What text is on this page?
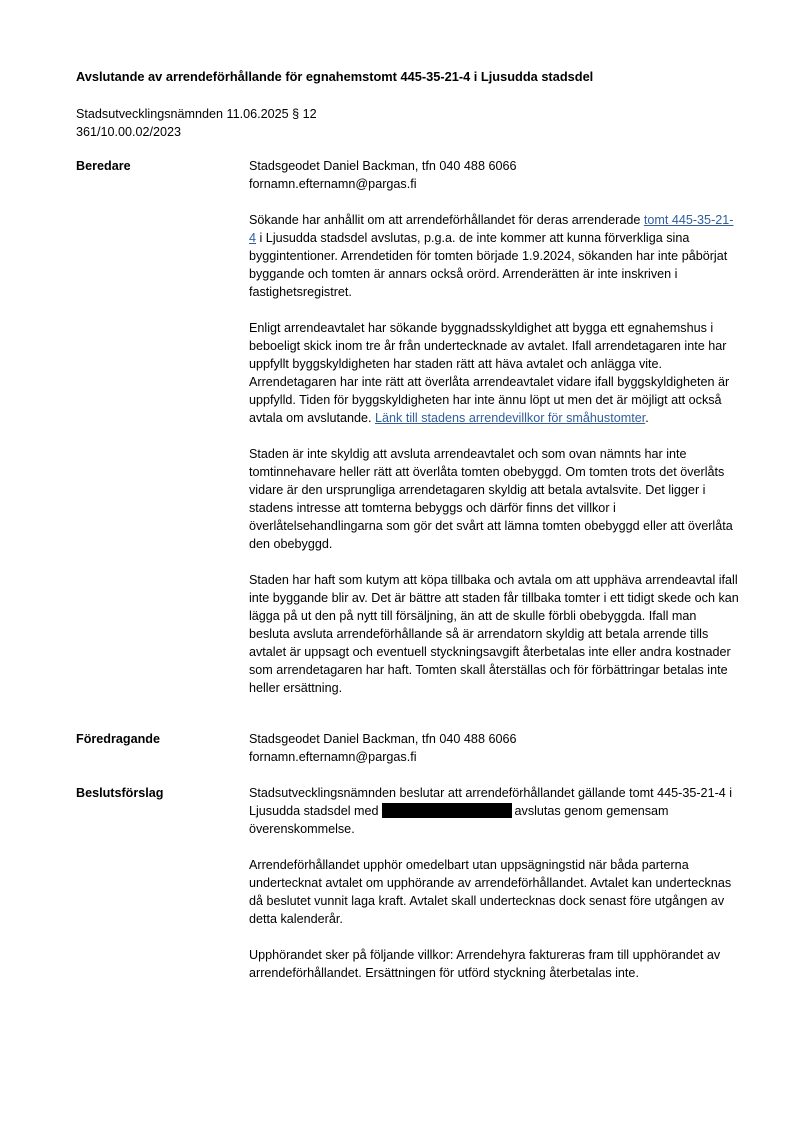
Avslutande av arrendeförhållande för egnahemstomt 445-35-21-4 i Ljusudda stadsdel
Stadsutvecklingsnämnden 11.06.2025 § 12
361/10.00.02/2023
Beredare	Stadsgeodet Daniel Backman, tfn 040 488 6066
fornamn.efternamn@pargas.fi

Sökande har anhållit om att arrendeförhållandet för deras arrenderade tomt 445-35-21-4 i Ljusudda stadsdel avslutas, p.g.a. de inte kommer att kunna förverkliga sina byggintentioner. Arrendetiden för tomten började 1.9.2024, sökanden har inte påbörjat byggande och tomten är annars också orörd. Arrenderätten är inte inskriven i fastighetsregistret.

Enligt arrendeavtalet har sökande byggnadsskyldighet att bygga ett egnahemshus i beboeligt skick inom tre år från undertecknade av avtalet. Ifall arrendetagaren inte har uppfyllt byggskyldigheten har staden rätt att häva avtalet och anlägga vite. Arrendetagaren har inte rätt att överlåta arrendeavtalet vidare ifall byggskyldigheten är uppfylld. Tiden för byggskyldigheten har inte ännu löpt ut men det är möjligt att också avtala om avslutande. Länk till stadens arrendevillkor för småhustomter.

Staden är inte skyldig att avsluta arrendeavtalet och som ovan nämnts har inte tomtinnehavare heller rätt att överlåta tomten obebyggd. Om tomten trots det överlåts vidare är den ursprungliga arrendetagaren skyldig att betala avtalsvite. Det ligger i stadens intresse att tomterna bebyggs och därför finns det villkor i överlåtelsehandlingarna som gör det svårt att lämna tomten obebyggd eller att överlåta den obebyggd.

Staden har haft som kutym att köpa tillbaka och avtala om att upphäva arrendeavtal ifall inte byggande blir av. Det är bättre att staden får tillbaka tomter i ett tidigt skede och kan lägga på ut den på nytt till försäljning, än att de skulle förbli obebyggda. Ifall man besluta avsluta arrendeförhållande så är arrendatorn skyldig att betala arrende tills avtalet är uppsagt och eventuell styckningsavgift återbetalas inte eller andra kostnader som arrendetagaren har haft. Tomten skall återställas och för förbättringar betalas inte heller ersättning.

Föredragande	Stadsgeodet Daniel Backman, tfn 040 488 6066
fornamn.efternamn@pargas.fi

Beslutsförslag	Stadsutvecklingsnämnden beslutar att arrendeförhållandet gällande tomt 445-35-21-4 i Ljusudda stadsdel med	avslutas genom gemensam överenskommelse.

Arrendeförhållandet upphör omedelbart utan uppsägningstid när båda parterna undertecknat avtalet om upphörande av arrendeförhållandet. Avtalet kan undertecknas då beslutet vunnit laga kraft. Avtalet skall undertecknas dock senast före utgången av detta kalenderår.

Upphörandet sker på följande villkor: Arrendehyra faktureras fram till upphörandet av arrendeförhållandet. Ersättningen för utförd styckning återbetalas inte.
